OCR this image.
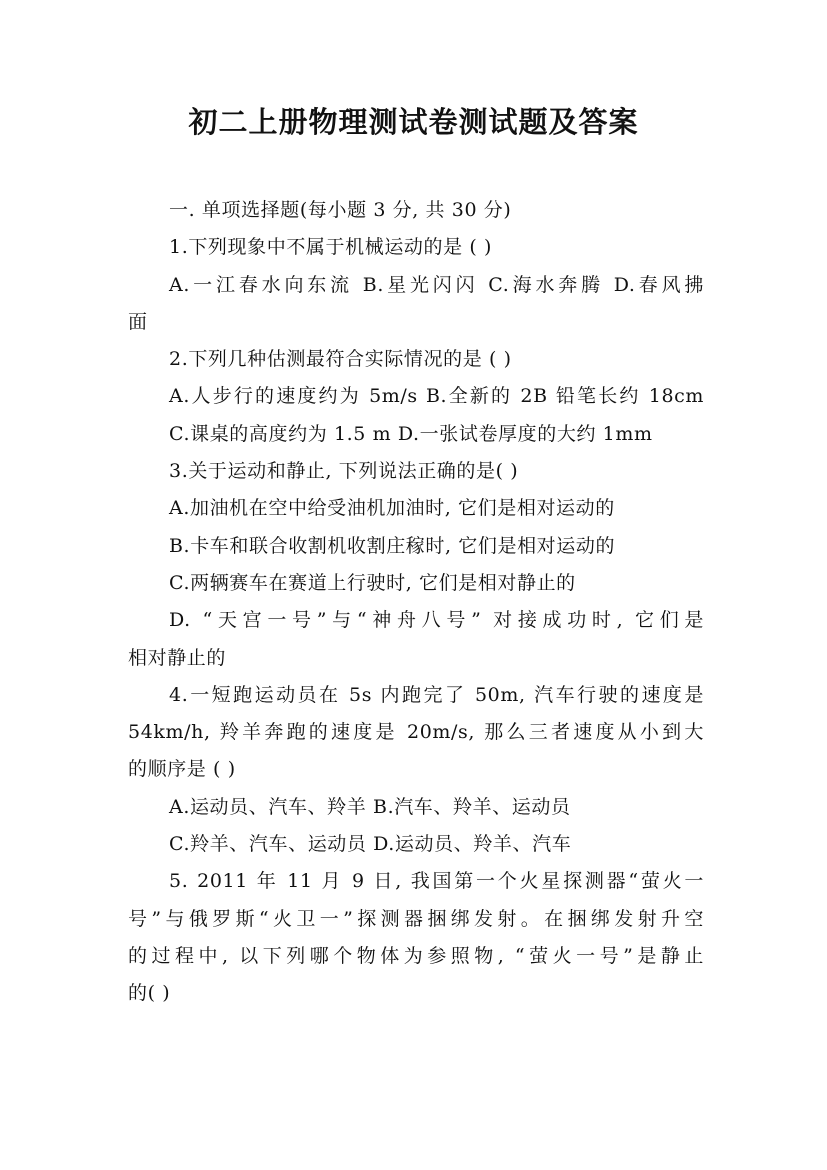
初二上册物理测试卷测试题及答案
一. 单项选择题(每小题 3 分, 共 30 分)
1.下列现象中不属于机械运动的是 ( )
A.一江春水向东流 B.星光闪闪 C.海水奔腾 D.春风拂
面
2.下列几种估测最符合实际情况的是 ( )
A.人步行的速度约为 5m/s B.全新的 2B 铅笔长约 18cm
C.课桌的高度约为 1.5 m D.一张试卷厚度的大约 1mm
3.关于运动和静止, 下列说法正确的是( )
A.加油机在空中给受油机加油时, 它们是相对运动的
B.卡车和联合收割机收割庄稼时, 它们是相对运动的
C.两辆赛车在赛道上行驶时, 它们是相对静止的
D. “天宫一号”与“神舟八号” 对接成功时, 它们是
相对静止的
4.一短跑运动员在 5s 内跑完了 50m, 汽车行驶的速度是
54km/h, 羚羊奔跑的速度是 20m/s, 那么三者速度从小到大
的顺序是 ( )
A.运动员、汽车、羚羊 B.汽车、羚羊、运动员
C.羚羊、汽车、运动员 D.运动员、羚羊、汽车
5. 2011 年 11 月 9 日, 我国第一个火星探测器“萤火一
号”与俄罗斯“火卫一”探测器捆绑发射。在捆绑发射升空
的过程中, 以下列哪个物体为参照物, “萤火一号”是静止
的( )
